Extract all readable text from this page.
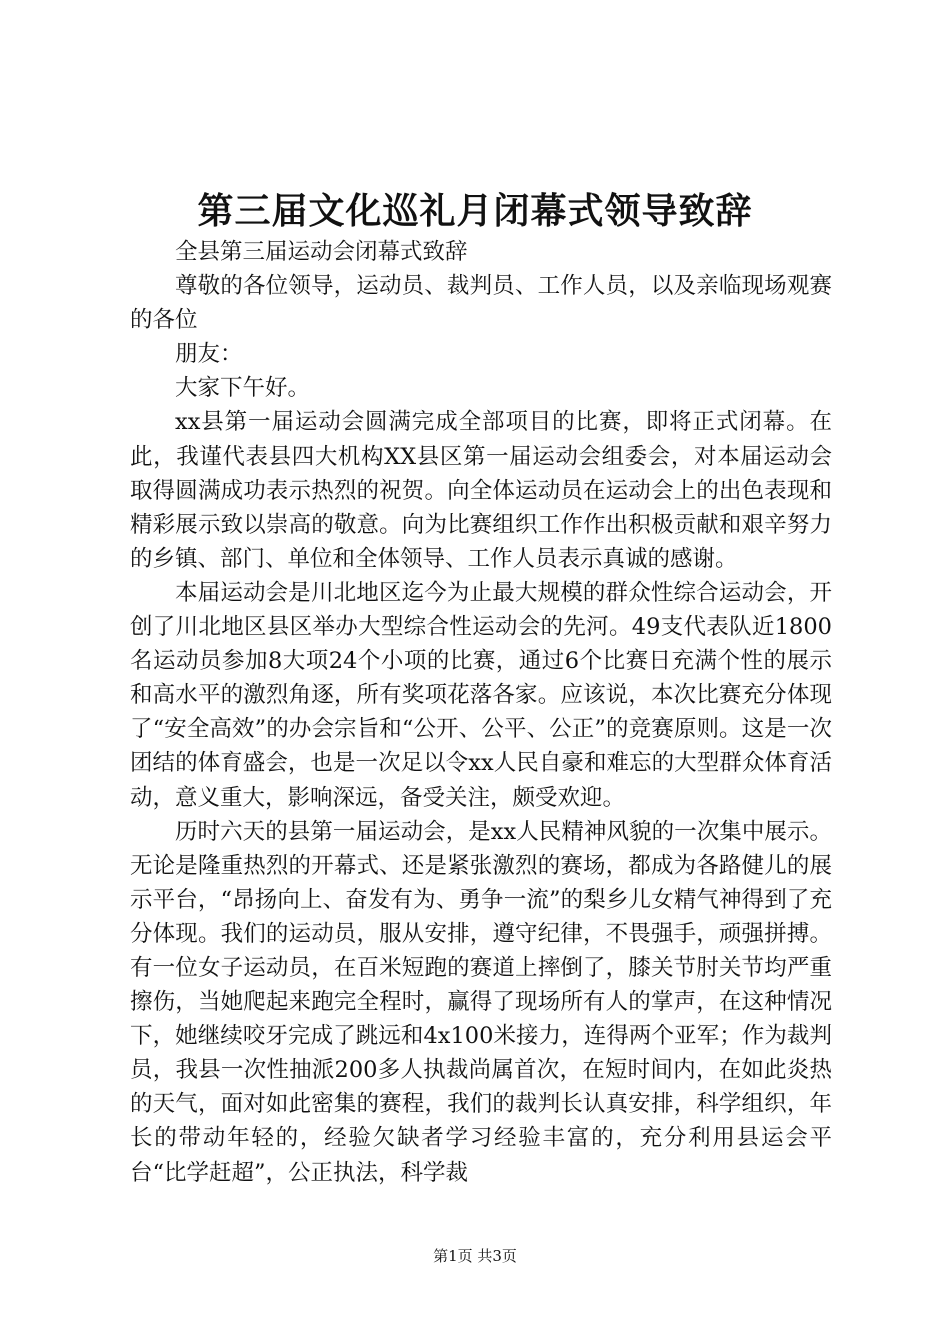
第三届文化巡礼月闭幕式领导致辞

全县第三届运动会闭幕式致辞

尊敬的各位领导，运动员、裁判员、工作人员，以及亲临现场观赛的各位

朋友：

大家下午好。

xx县第一届运动会圆满完成全部项目的比赛，即将正式闭幕。在此，我谨代表县四大机构XX县区第一届运动会组委会，对本届运动会取得圆满成功表示热烈的祝贺。向全体运动员在运动会上的出色表现和精彩展示致以崇高的敬意。向为比赛组织工作作出积极贡献和艰辛努力的乡镇、部门、单位和全体领导、工作人员表示真诚的感谢。

本届运动会是川北地区迄今为止最大规模的群众性综合运动会，开创了川北地区县区举办大型综合性运动会的先河。49支代表队近1800名运动员参加8大项24个小项的比赛，通过6个比赛日充满个性的展示和高水平的激烈角逐，所有奖项花落各家。应该说，本次比赛充分体现了“安全高效”的办会宗旨和“公开、公平、公正”的竞赛原则。这是一次团结的体育盛会，也是一次足以令xx人民自豪和难忘的大型群众体育活动，意义重大，影响深远，备受关注，颇受欢迎。

历时六天的县第一届运动会，是xx人民精神风貌的一次集中展示。无论是隆重热烈的开幕式、还是紧张激烈的赛场，都成为各路健儿的展示平台，“昂扬向上、奋发有为、勇争一流”的梨乡儿女精气神得到了充分体现。我们的运动员，服从安排，遵守纪律，不畏强手，顽强拼搏。有一位女子运动员，在百米短跑的赛道上摔倒了，膝关节肘关节均严重擦伤，当她爬起来跑完全程时，赢得了现场所有人的掌声，在这种情况下，她继续咬牙完成了跳远和4x100米接力，连得两个亚军；作为裁判员，我县一次性抽派200多人执裁尚属首次，在短时间内，在如此炎热的天气，面对如此密集的赛程，我们的裁判长认真安排，科学组织，年长的带动年轻的，经验欠缺者学习经验丰富的，充分利用县运会平台“比学赶超”，公正执法，科学裁

第1页 共3页
